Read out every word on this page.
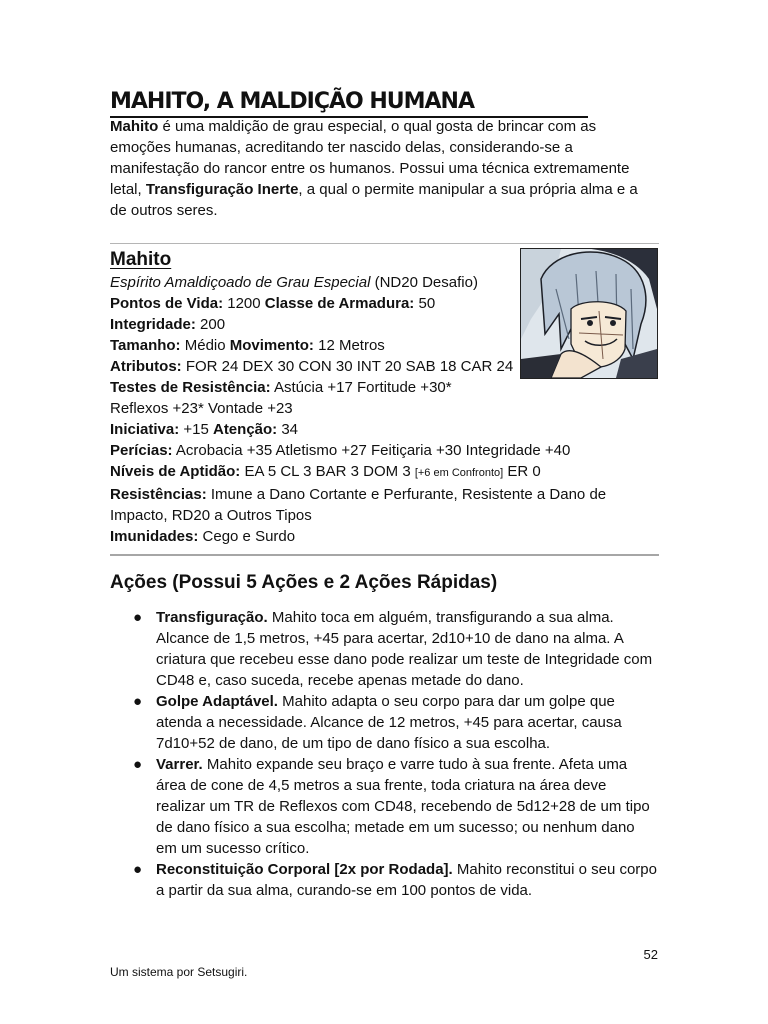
MAHITO, A MALDIÇÃO HUMANA
Mahito é uma maldição de grau especial, o qual gosta de brincar com as emoções humanas, acreditando ter nascido delas, considerando-se a manifestação do rancor entre os humanos. Possui uma técnica extremamente letal, Transfiguração Inerte, a qual o permite manipular a sua própria alma e a de outros seres.
Mahito
Espírito Amaldiçoado de Grau Especial (ND20 Desafio)
Pontos de Vida: 1200 Classe de Armadura: 50
Integridade: 200
Tamanho: Médio Movimento: 12 Metros
Atributos: FOR 24 DEX 30 CON 30 INT 20 SAB 18 CAR 24
Testes de Resistência: Astúcia +17 Fortitude +30*
Reflexos +23* Vontade +23
Iniciativa: +15 Atenção: 34
Perícias: Acrobacia +35 Atletismo +27 Feitiçaria +30 Integridade +40
Níveis de Aptidão: EA 5 CL 3 BAR 3 DOM 3 [+6 em Confronto] ER 0
Resistências: Imune a Dano Cortante e Perfurante, Resistente a Dano de Impacto, RD20 a Outros Tipos
Imunidades: Cego e Surdo
Ações (Possui 5 Ações e 2 Ações Rápidas)
● Transfiguração. Mahito toca em alguém, transfigurando a sua alma. Alcance de 1,5 metros, +45 para acertar, 2d10+10 de dano na alma. A criatura que recebeu esse dano pode realizar um teste de Integridade com CD48 e, caso suceda, recebe apenas metade do dano.
● Golpe Adaptável. Mahito adapta o seu corpo para dar um golpe que atenda a necessidade. Alcance de 12 metros, +45 para acertar, causa 7d10+52 de dano, de um tipo de dano físico a sua escolha.
● Varrer. Mahito expande seu braço e varre tudo à sua frente. Afeta uma área de cone de 4,5 metros a sua frente, toda criatura na área deve realizar um TR de Reflexos com CD48, recebendo de 5d12+28 de um tipo de dano físico a sua escolha; metade em um sucesso; ou nenhum dano em um sucesso crítico.
● Reconstituição Corporal [2x por Rodada]. Mahito reconstitui o seu corpo a partir da sua alma, curando-se em 100 pontos de vida.
52
Um sistema por Setsugiri.
